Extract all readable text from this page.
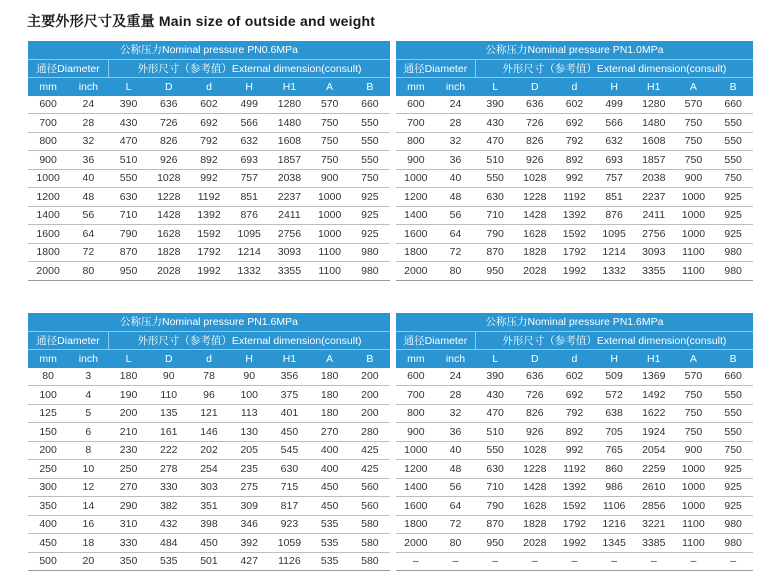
主要外形尺寸及重量 Main size of outside and weight
公称压力Nominal pressure PN0.6MPa								
通径Diameter		外形尺寸（参考值）External dimension(consult)						
mm	inch	L	D	d	H	H1	A	B
600	24	390	636	602	499	1280	570	660
700	28	430	726	692	566	1480	750	550
800	32	470	826	792	632	1608	750	550
900	36	510	926	892	693	1857	750	550
1000	40	550	1028	992	757	2038	900	750
1200	48	630	1228	1192	851	2237	1000	925
1400	56	710	1428	1392	876	2411	1000	925
1600	64	790	1628	1592	1095	2756	1000	925
1800	72	870	1828	1792	1214	3093	1100	980
2000	80	950	2028	1992	1332	3355	1100	980
公称压力Nominal pressure PN1.0MPa								
通径Diameter		外形尺寸（参考值）External dimension(consult)						
mm	inch	L	D	d	H	H1	A	B
600	24	390	636	602	499	1280	570	660
700	28	430	726	692	566	1480	750	550
800	32	470	826	792	632	1608	750	550
900	36	510	926	892	693	1857	750	550
1000	40	550	1028	992	757	2038	900	750
1200	48	630	1228	1192	851	2237	1000	925
1400	56	710	1428	1392	876	2411	1000	925
1600	64	790	1628	1592	1095	2756	1000	925
1800	72	870	1828	1792	1214	3093	1100	980
2000	80	950	2028	1992	1332	3355	1100	980
公称压力Nominal pressure PN1.6MPa								
通径Diameter		外形尺寸（参考值）External dimension(consult)						
mm	inch	L	D	d	H	H1	A	B
80	3	180	90	78	90	356	180	200
100	4	190	110	96	100	375	180	200
125	5	200	135	121	113	401	180	200
150	6	210	161	146	130	450	270	280
200	8	230	222	202	205	545	400	425
250	10	250	278	254	235	630	400	425
300	12	270	330	303	275	715	450	560
350	14	290	382	351	309	817	450	560
400	16	310	432	398	346	923	535	580
450	18	330	484	450	392	1059	535	580
500	20	350	535	501	427	1126	535	580
公称压力Nominal pressure PN1.6MPa								
通径Diameter		外形尺寸（参考值）External dimension(consult)						
mm	inch	L	D	d	H	H1	A	B
600	24	390	636	602	509	1369	570	660
700	28	430	726	692	572	1492	750	550
800	32	470	826	792	638	1622	750	550
900	36	510	926	892	705	1924	750	550
1000	40	550	1028	992	765	2054	900	750
1200	48	630	1228	1192	860	2259	1000	925
1400	56	710	1428	1392	986	2610	1000	925
1600	64	790	1628	1592	1106	2856	1000	925
1800	72	870	1828	1792	1216	3221	1100	980
2000	80	950	2028	1992	1345	3385	1100	980
–	–	–	–	–	–	–	–	–
